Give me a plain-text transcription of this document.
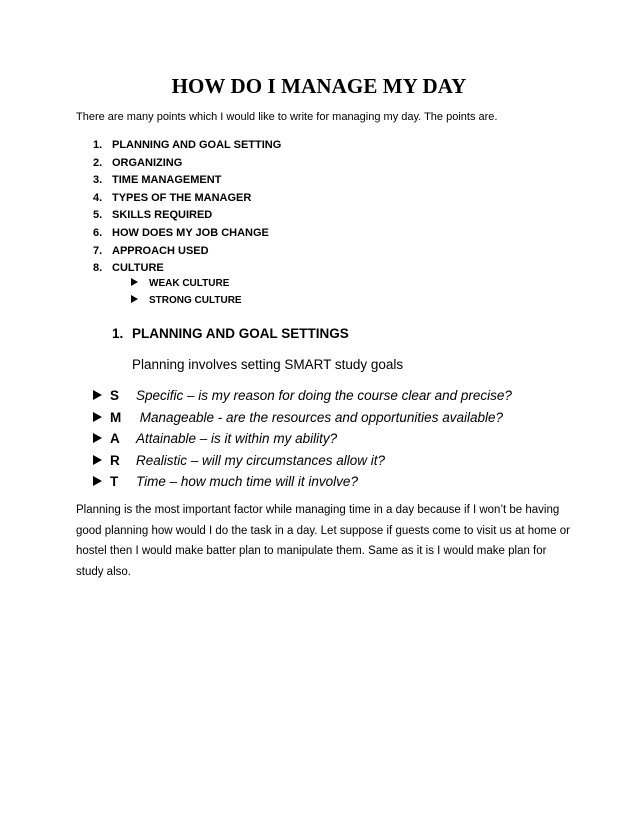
HOW DO I MANAGE MY DAY
There are many points which I would like to write for managing my day. The points are.
1. PLANNING AND GOAL SETTING
2. ORGANIZING
3. TIME MANAGEMENT
4. TYPES OF THE MANAGER
5. SKILLS REQUIRED
6. HOW DOES MY JOB CHANGE
7. APPROACH USED
8. CULTURE
WEAK CULTURE
STRONG CULTURE
1. PLANNING AND GOAL SETTINGS
Planning involves setting SMART study goals
S Specific – is my reason for doing the course clear and precise?
M Manageable - are the resources and opportunities available?
A Attainable – is it within my ability?
R Realistic – will my circumstances allow it?
T Time – how much time will it involve?
Planning is the most important factor while managing time in a day because if I won’t be having good planning how would I do the task in a day. Let suppose if guests come to visit us at home or hostel then I would make batter plan to manipulate them. Same as it is I would make plan for study also.
